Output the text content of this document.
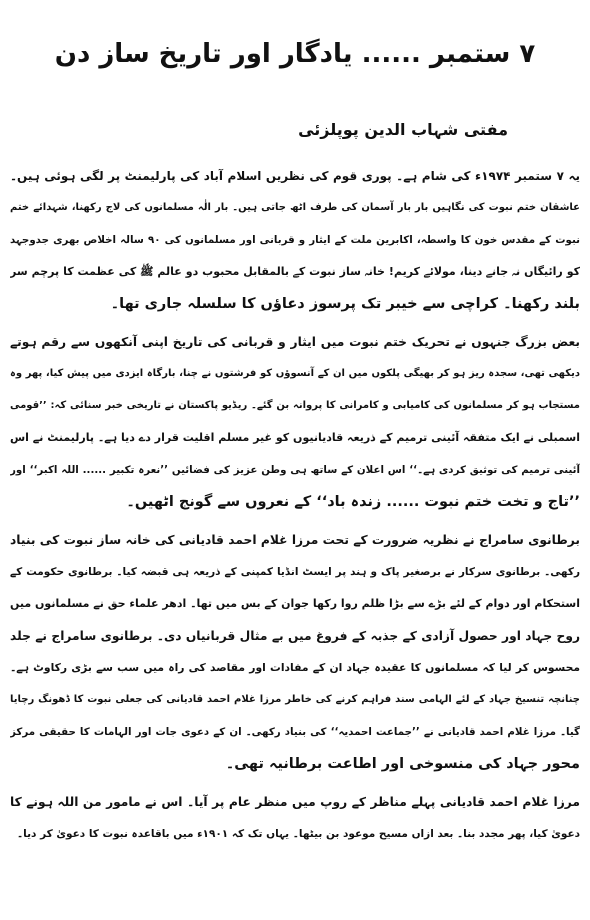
۷ ستمبر ...... یادگار اور تاریخ ساز دن
مفتی شہاب الدین پوپلزئی
یہ ۷ ستمبر ۱۹۷۴ء کی شام ہے۔ پوری قوم کی نظریں اسلام آباد کی پارلیمنٹ پر لگی ہوئی ہیں۔
عاشقان ختم نبوت کی نگاہیں بار بار آسمان کی طرف اٹھ جاتی ہیں۔ بار الٰہ مسلمانوں کی لاج رکھنا، شہدائے ختم
نبوت کے مقدس خون کا واسطہ، اکابرین ملت کے ایثار و قربانی اور مسلمانوں کی ۹۰ سالہ اخلاص بھری جدوجہد
کو رائیگاں نہ جانے دینا، مولائے کریم! خانہ ساز نبوت کے بالمقابل محبوب دو عالم ﷺ کی عظمت کا پرچم سر
بلند رکھنا۔ کراچی سے خیبر تک پرسوز دعاؤں کا سلسلہ جاری تھا۔
بعض بزرگ جنہوں نے تحریک ختم نبوت میں ایثار و قربانی کی تاریخ اپنی آنکھوں سے رقم ہوتے
دیکھی تھی، سجدہ ریز ہو کر بھیگی پلکوں میں ان کے آنسوؤں کو فرشتوں نے چنا، بارگاہ ایزدی میں پیش کیا، پھر وہ
مستجاب ہو کر مسلمانوں کی کامیابی و کامرانی کا پروانہ بن گئے۔ ریڈیو پاکستان نے تاریخی خبر سنائی کہ: ’’قومی
اسمبلی نے ایک متفقہ آئینی ترمیم کے ذریعہ قادیانیوں کو غیر مسلم اقلیت قرار دے دیا ہے۔ پارلیمنٹ نے اس
آئینی ترمیم کی توثیق کردی ہے۔‘‘ اس اعلان کے ساتھ ہی وطن عزیز کی فضائیں ’’نعرہ تکبیر ...... اللہ اکبر‘‘ اور
’’تاج و تخت ختم نبوت ...... زندہ باد‘‘ کے نعروں سے گونج اٹھیں۔
برطانوی سامراج نے نظریہ ضرورت کے تحت مرزا غلام احمد قادیانی کی خانہ ساز نبوت کی بنیاد
رکھی۔ برطانوی سرکار نے برصغیر پاک و ہند پر ایسٹ انڈیا کمپنی کے ذریعہ ہی قبضہ کیا۔ برطانوی حکومت کے
استحکام اور دوام کے لئے بڑے سے بڑا ظلم روا رکھا جوان کے بس میں تھا۔ ادھر علماء حق نے مسلمانوں میں
روح جہاد اور حصول آزادی کے جذبہ کے فروغ میں بے مثال قربانیاں دی۔ برطانوی سامراج نے جلد
محسوس کر لیا کہ مسلمانوں کا عقیدہ جہاد ان کے مفادات اور مقاصد کی راہ میں سب سے بڑی رکاوٹ ہے۔
چنانچہ تنسیخ جہاد کے لئے الہامی سند فراہم کرنے کی خاطر مرزا غلام احمد قادیانی کی جعلی نبوت کا ڈھونگ رچایا
گیا۔ مرزا غلام احمد قادیانی نے ’’جماعت احمدیہ‘‘ کی بنیاد رکھی۔ ان کے دعوی جات اور الہامات کا حقیقی مرکز
محور جہاد کی منسوخی اور اطاعت برطانیہ تھی۔
مرزا غلام احمد قادیانی پہلے مناظر کے روپ میں منظر عام پر آیا۔ اس نے مامور من اللہ ہونے کا
دعویٰ کیا، پھر مجدد بنا۔ بعد ازاں مسیح موعود بن بیٹھا۔ یہاں تک کہ ۱۹۰۱ء میں باقاعدہ نبوت کا دعویٰ کر دیا۔
